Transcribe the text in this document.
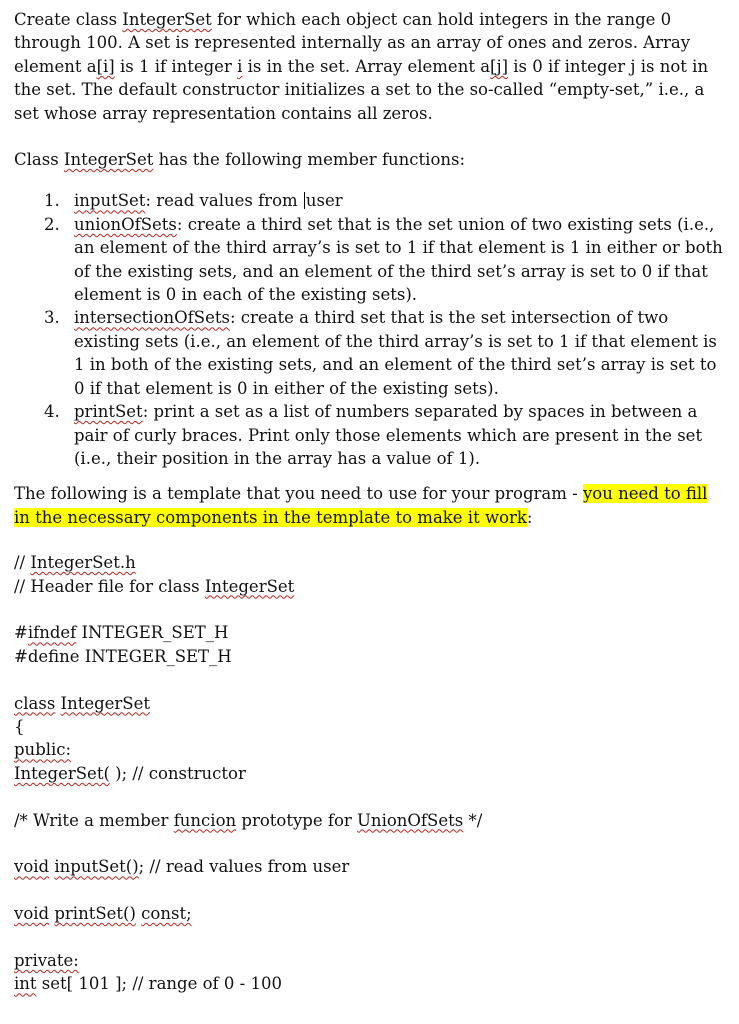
Create class IntegerSet for which each object can hold integers in the range 0 through 100. A set is represented internally as an array of ones and zeros. Array element a[i] is 1 if integer i is in the set. Array element a[j] is 0 if integer j is not in the set. The default constructor initializes a set to the so-called “empty-set,” i.e., a set whose array representation contains all zeros.

Class IntegerSet has the following member functions:

1. inputSet: read values from user
2. unionOfSets: create a third set that is the set union of two existing sets (i.e., an element of the third array’s is set to 1 if that element is 1 in either or both of the existing sets, and an element of the third set’s array is set to 0 if that element is 0 in each of the existing sets).
3. intersectionOfSets: create a third set that is the set intersection of two existing sets (i.e., an element of the third array’s is set to 1 if that element is 1 in both of the existing sets, and an element of the third set’s array is set to 0 if that element is 0 in either of the existing sets).
4. printSet: print a set as a list of numbers separated by spaces in between a pair of curly braces. Print only those elements which are present in the set (i.e., their position in the array has a value of 1).

The following is a template that you need to use for your program - you need to fill in the necessary components in the template to make it work:

// IntegerSet.h

// Header file for class IntegerSet

#ifndef INTEGER_SET_H

#define INTEGER_SET_H

class IntegerSet

{

public:

IntegerSet( ); // constructor

/* Write a member funcion prototype for UnionOfSets */

void inputSet(); // read values from user

void printSet() const;

private:

int set[ 101 ]; // range of 0 - 100
